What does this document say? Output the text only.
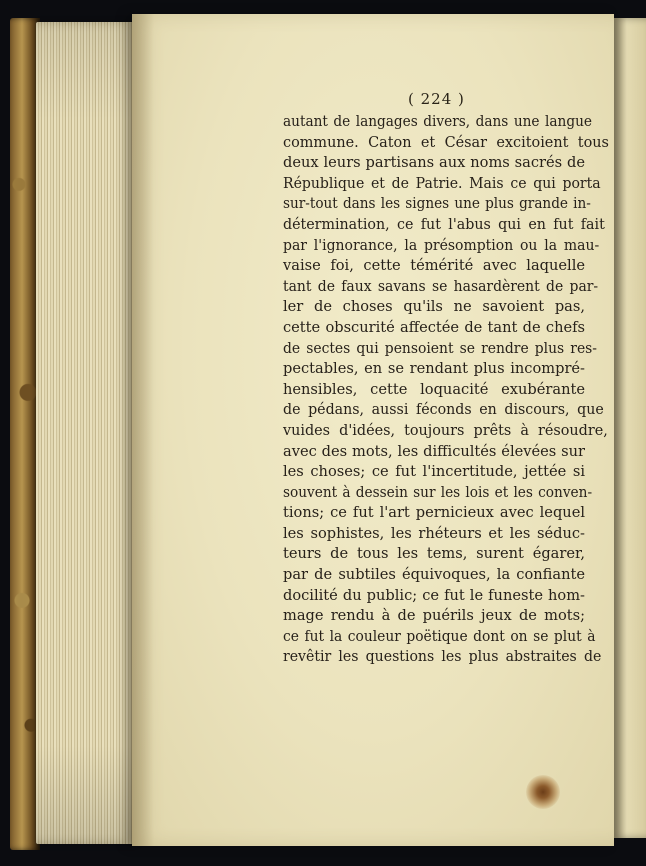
( 224 )
autant de langages divers, dans une langue
commune. Caton et César excitoient tous
deux leurs partisans aux noms sacrés de
République et de Patrie. Mais ce qui porta
sur-tout dans les signes une plus grande in-
détermination, ce fut l'abus qui en fut fait
par l'ignorance, la présomption ou la mau-
vaise foi, cette témérité avec laquelle
tant de faux savans se hasardèrent de par-
ler de choses qu'ils ne savoient pas,
cette obscurité affectée de tant de chefs
de sectes qui pensoient se rendre plus res-
pectables, en se rendant plus incompré-
hensibles, cette loquacité exubérante
de pédans, aussi féconds en discours, que
vuides d'idées, toujours prêts à résoudre,
avec des mots, les difficultés élevées sur
les choses; ce fut l'incertitude, jettée si
souvent à dessein sur les lois et les conven-
tions; ce fut l'art pernicieux avec lequel
les sophistes, les rhéteurs et les séduc-
teurs de tous les tems, surent égarer,
par de subtiles équivoques, la confiante
docilité du public; ce fut le funeste hom-
mage rendu à de puérils jeux de mots;
ce fut la couleur poëtique dont on se plut à
revêtir les questions les plus abstraites de
